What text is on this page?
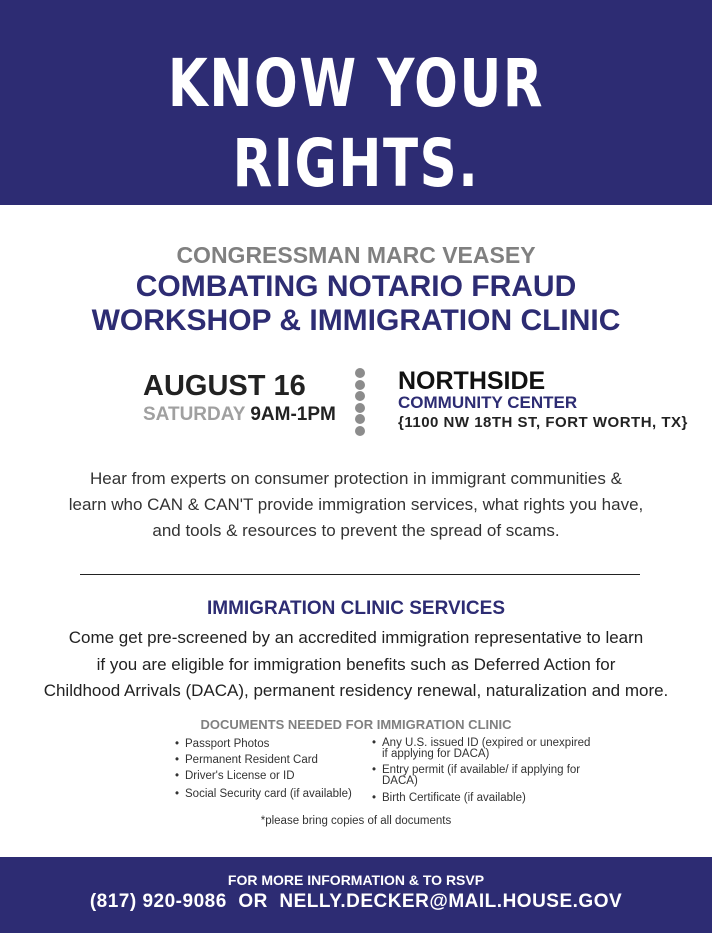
KNOW YOUR RIGHTS.
The Wrong Immigration Help Can Hurt You & Your Family.
CONGRESSMAN MARC VEASEY
COMBATING NOTARIO FRAUD
WORKSHOP & IMMIGRATION CLINIC
AUGUST 16
SATURDAY 9AM-1PM
NORTHSIDE
COMMUNITY CENTER
{1100 NW 18TH ST, FORT WORTH, TX}
Hear from experts on consumer protection in immigrant communities &
learn who CAN & CAN'T provide immigration services, what rights you have,
and tools & resources to prevent the spread of scams.
IMMIGRATION CLINIC SERVICES
Come get pre-screened by an accredited immigration representative to learn
if you are eligible for immigration benefits such as Deferred Action for
Childhood Arrivals (DACA), permanent residency renewal, naturalization and more.
DOCUMENTS NEEDED FOR IMMIGRATION CLINIC
• Passport Photos
• Permanent Resident Card
• Driver's License or ID
• Social Security card (if available)
• Any U.S. issued ID (expired or unexpired if applying for DACA)
• Entry permit (if available/ if applying for DACA)
• Birth Certificate (if available)
*please bring copies of all documents
FOR MORE INFORMATION & TO RSVP
(817) 920-9086  OR  NELLY.DECKER@MAIL.HOUSE.GOV
